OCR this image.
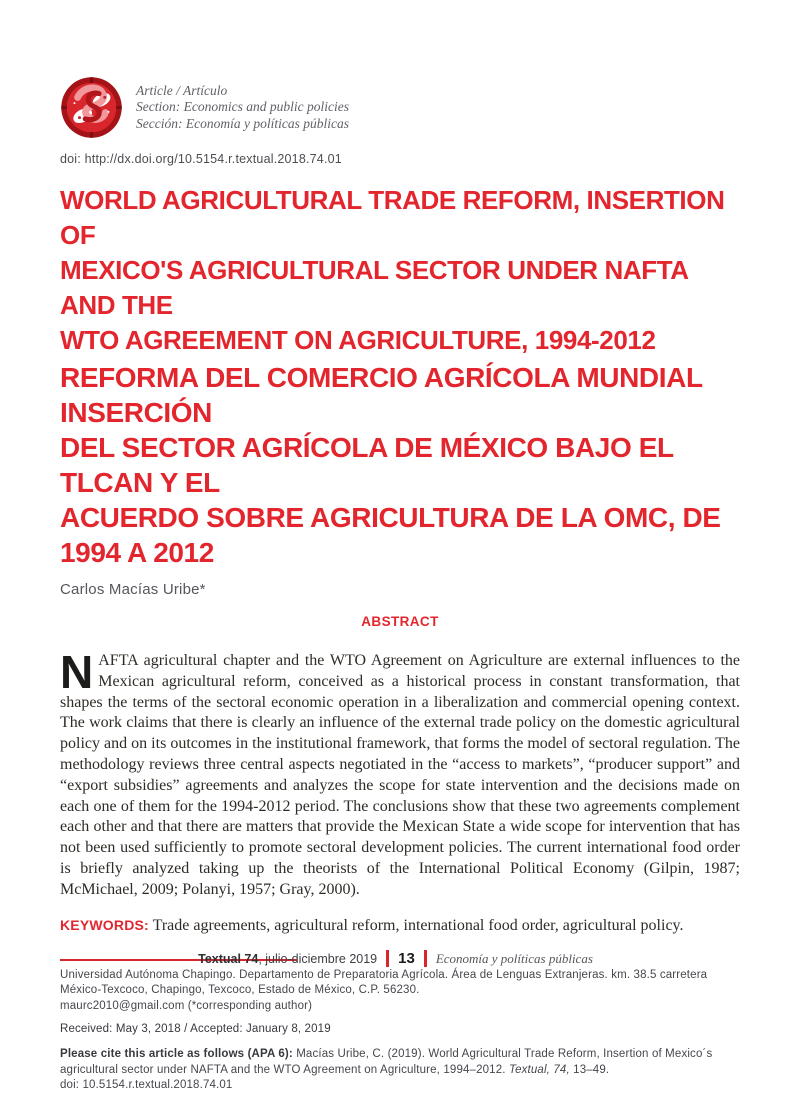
Article / Artículo
Section: Economics and public policies
Sección: Economía y políticas públicas
doi: http://dx.doi.org/10.5154.r.textual.2018.74.01
WORLD AGRICULTURAL TRADE REFORM, INSERTION OF
MEXICO'S AGRICULTURAL SECTOR UNDER NAFTA AND THE
WTO AGREEMENT ON AGRICULTURE, 1994-2012
REFORMA DEL COMERCIO AGRÍCOLA MUNDIAL INSERCIÓN
DEL SECTOR AGRÍCOLA DE MÉXICO BAJO EL TLCAN Y EL
ACUERDO SOBRE AGRICULTURA DE LA OMC, DE 1994 A 2012
Carlos Macías Uribe*
ABSTRACT

NAFTA agricultural chapter and the WTO Agreement on Agriculture are external influences to the Mexican agricultural reform, conceived as a historical process in constant transformation, that shapes the terms of the sectoral economic operation in a liberalization and commercial opening context. The work claims that there is clearly an influence of the external trade policy on the domestic agricultural policy and on its outcomes in the institutional framework, that forms the model of sectoral regulation. The methodology reviews three central aspects negotiated in the “access to markets”, “producer support” and “export subsidies” agreements and analyzes the scope for state intervention and the decisions made on each one of them for the 1994-2012 period. The conclusions show that these two agreements complement each other and that there are matters that provide the Mexican State a wide scope for intervention that has not been used sufficiently to promote sectoral development policies. The current international food order is briefly analyzed taking up the theorists of the International Political Economy (Gilpin, 1987; McMichael, 2009; Polanyi, 1957; Gray, 2000).

KEYWORDS: Trade agreements, agricultural reform, international food order, agricultural policy.

Universidad Autónoma Chapingo. Departamento de Preparatoria Agrícola. Área de Lenguas Extranjeras. km. 38.5 carretera
México-Texcoco, Chapingo, Texcoco, Estado de México, C.P. 56230.
maurc2010@gmail.com (*corresponding author)
Received: May 3, 2018 / Accepted: January 8, 2019

Please cite this article as follows (APA 6): Macías Uribe, C. (2019). World Agricultural Trade Reform, Insertion of Mexico´s agricultural sector under NAFTA and the WTO Agreement on Agriculture, 1994–2012. Textual, 74, 13–49.

doi: 10.5154.r.textual.2018.74.01
Textual 74, julio-diciembre 2019 13 Economía y políticas públicas
